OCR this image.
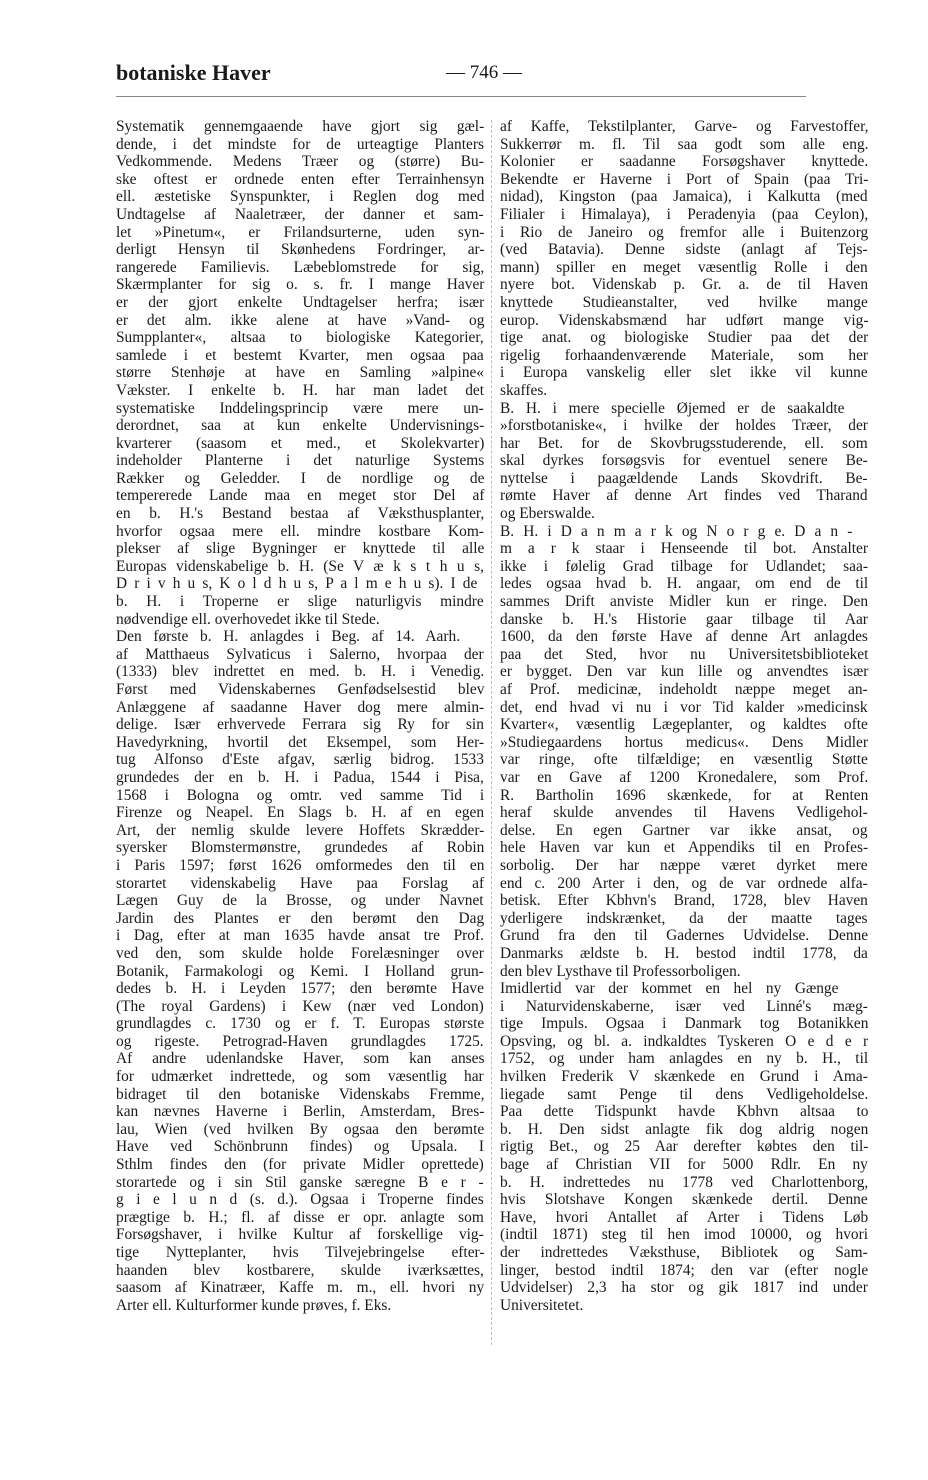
botaniske Haver	— 746 —
Systematik gennemgaaende have gjort sig gæl-
dende, i det mindste for de urteagtige Planters
Vedkommende. Medens Træer og (større) Bu-
ske oftest er ordnede enten efter Terrainhensyn
ell. æstetiske Synspunkter, i Reglen dog med
Undtagelse af Naaletræer, der danner et sam-
let »Pinetum«, er Frilandsurterne, uden syn-
derligt Hensyn til Skønhedens Fordringer, ar-
rangerede Familievis. Læbeblomstrede for sig,
Skærmplanter for sig o. s. fr. I mange Haver
er der gjort enkelte Undtagelser herfra; især
er det alm. ikke alene at have »Vand- og
Sumpplanter«, altsaa to biologiske Kategorier,
samlede i et bestemt Kvarter, men ogsaa paa
større Stenhøje at have en Samling »alpine«
Vækster. I enkelte b. H. har man ladet det
systematiske Inddelingsprincip være mere un-
derordnet, saa at kun enkelte Undervisnings-
kvarterer (saasom et med., et Skolekvarter)
indeholder Planterne i det naturlige Systems
Rækker og Geledder. I de nordlige og de
tempererede Lande maa en meget stor Del af
en b. H.'s Bestand bestaa af Væksthusplanter,
hvorfor ogsaa mere ell. mindre kostbare Kom-
plekser af slige Bygninger er knyttede til alle
Europas videnskabelige b. H. (Se V æ k s t h u s,
D r i v h u s, K o l d h u s, P a l m e h u s). I de
b. H. i Troperne er slige naturligvis mindre
nødvendige ell. overhovedet ikke til Stede.
Den første b. H. anlagdes i Beg. af 14. Aarh.
af Matthaeus Sylvaticus i Salerno, hvorpaa der
(1333) blev indrettet en med. b. H. i Venedig.
Først med Videnskabernes Genfødselsestid blev
Anlæggene af saadanne Haver dog mere almin-
delige. Især erhvervede Ferrara sig Ry for sin
Havedyrkning, hvortil det Eksempel, som Her-
tug Alfonso d'Este afgav, særlig bidrog. 1533
grundedes der en b. H. i Padua, 1544 i Pisa,
1568 i Bologna og omtr. ved samme Tid i
Firenze og Neapel. En Slags b. H. af en egen
Art, der nemlig skulde levere Hoffets Skrædder-
syersker Blomstermønstre, grundedes af Robin
i Paris 1597; først 1626 omformedes den til en
storartet videnskabelig Have paa Forslag af
Lægen Guy de la Brosse, og under Navnet
Jardin des Plantes er den berømt den Dag
i Dag, efter at man 1635 havde ansat tre Prof.
ved den, som skulde holde Forelæsninger over
Botanik, Farmakologi og Kemi. I Holland grun-
dedes b. H. i Leyden 1577; den berømte Have
(The royal Gardens) i Kew (nær ved London)
grundlagdes c. 1730 og er f. T. Europas største
og rigeste. Petrograd-Haven grundlagdes 1725.
Af andre udenlandske Haver, som kan anses
for udmærket indrettede, og som væsentlig har
bidraget til den botaniske Videnskabs Fremme,
kan nævnes Haverne i Berlin, Amsterdam, Bres-
lau, Wien (ved hvilken By ogsaa den berømte
Have ved Schönbrunn findes) og Upsala. I
Sthlm findes den (for private Midler oprettede)
storartede og i sin Stil ganske særegne B e r -
g i e l u n d (s. d.). Ogsaa i Troperne findes
prægtige b. H.; fl. af disse er opr. anlagte som
Forsøgshaver, i hvilke Kultur af forskellige vig-
tige Nytteplanter, hvis Tilvejebringelse efter-
haanden blev kostbarere, skulde iværksættes,
saasom af Kinatræer, Kaffe m. m., ell. hvori ny
Arter ell. Kulturformer kunde prøves, f. Eks.
af Kaffe, Tekstilplanter, Garve- og Farvestoffer,
Sukkerrør m. fl. Til saa godt som alle eng.
Kolonier er saadanne Forsøgshaver knyttede.
Bekendte er Haverne i Port of Spain (paa Tri-
nidad), Kingston (paa Jamaica), i Kalkutta (med
Filialer i Himalaya), i Peradenyia (paa Ceylon),
i Rio de Janeiro og fremfor alle i Buitenzorg
(ved Batavia). Denne sidste (anlagt af Tejs-
mann) spiller en meget væsentlig Rolle i den
nyere bot. Videnskab p. Gr. a. de til Haven
knyttede Studieanstalter, ved hvilke mange
europ. Videnskabsmænd har udført mange vig-
tige anat. og biologiske Studier paa det der
rigelig forhaandenværende Materiale, som her
i Europa vanskelig eller slet ikke vil kunne
skaffes.
B. H. i mere specielle Øjemed er de saakaldte
»forstbotaniske«, i hvilke der holdes Træer, der
har Bet. for de Skovbrugsstuderende, ell. som
skal dyrkes forsøgsvis for eventuel senere Be-
nyttelse i paagældende Lands Skovdrift. Be-
rømte Haver af denne Art findes ved Tharand
og Eberswalde.
B. H. i D a n m a r k og N o r g e. D a n -
m a r k staar i Henseende til bot. Anstalter
ikke i følelig Grad tilbage for Udlandet; saa-
ledes ogsaa hvad b. H. angaar, om end de til
sammes Drift anviste Midler kun er ringe. Den
danske b. H.'s Historie gaar tilbage til Aar
1600, da den første Have af denne Art anlagdes
paa det Sted, hvor nu Universitetsbiblioteket
er bygget. Den var kun lille og anvendtes især
af Prof. medicinæ, indeholdt næppe meget an-
det, end hvad vi nu i vor Tid kalder »medicinsk
Kvarter«, væsentlig Lægeplanter, og kaldtes ofte
»Studiegaardens hortus medicus«. Dens Midler
var ringe, ofte tilfældige; en væsentlig Støtte
var en Gave af 1200 Kronedalere, som Prof.
R. Bartholin 1696 skænkede, for at Renten
heraf skulde anvendes til Havens Vedligehol-
delse. En egen Gartner var ikke ansat, og
hele Haven var kun et Appendiks til en Profes-
sorbolig. Der har næppe været dyrket mere
end c. 200 Arter i den, og de var ordnede alfa-
betisk. Efter Kbhvn's Brand, 1728, blev Haven
yderligere indskrænket, da der maatte tages
Grund fra den til Gadernes Udvidelse. Denne
Danmarks ældste b. H. bestod indtil 1778, da
den blev Lysthave til Professorboligen.
Imidlertid var der kommet en hel ny Gænge
i Naturvidenskaberne, især ved Linné's mæg-
tige Impuls. Ogsaa i Danmark tog Botanikken
Opsving, og bl. a. indkaldtes Tyskeren O e d e r
1752, og under ham anlagdes en ny b. H., til
hvilken Frederik V skænkede en Grund i Ama-
liegade samt Penge til dens Vedligeholdelse.
Paa dette Tidspunkt havde Kbhvn altsaa to
b. H. Den sidst anlagte fik dog aldrig nogen
rigtig Bet., og 25 Aar derefter købtes den til-
bage af Christian VII for 5000 Rdlr. En ny
b. H. indrettedes nu 1778 ved Charlottenborg,
hvis Slotshave Kongen skænkede dertil. Denne
Have, hvori Antallet af Arter i Tidens Løb
(indtil 1871) steg til hen imod 10000, og hvori
der indrettedes Væksthuse, Bibliotek og Sam-
linger, bestod indtil 1874; den var (efter nogle
Udvidelser) 2,3 ha stor og gik 1817 ind under
Universitetet.
